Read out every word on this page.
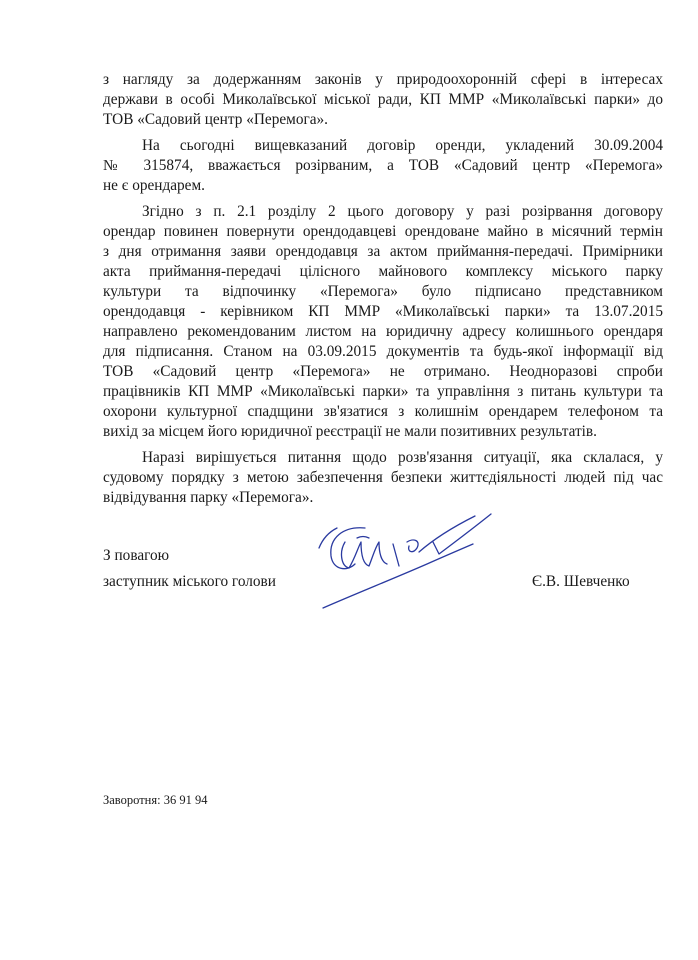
з нагляду за додержанням законів у природоохоронній сфері в інтересах
держави в особі Миколаївської міської ради, КП ММР «Миколаївські парки» до
ТОВ «Садовий центр «Перемога».
На сьогодні вищевказаний договір оренди, укладений 30.09.2004
№ 315874, вважається розірваним, а ТОВ «Садовий центр «Перемога»
не є орендарем.
Згідно з п. 2.1 розділу 2 цього договору у разі розірвання договору
орендар повинен повернути орендодавцеві орендоване майно в місячний термін
з дня отримання заяви орендодавця за актом приймання-передачі. Примірники
акта приймання-передачі цілісного майнового комплексу міського парку
культури та відпочинку «Перемога» було підписано представником
орендодавця - керівником КП ММР «Миколаївські парки» та 13.07.2015
направлено рекомендованим листом на юридичну адресу колишнього орендаря
для підписання. Станом на 03.09.2015 документів та будь-якої інформації від
ТОВ «Садовий центр «Перемога» не отримано. Неодноразові спроби
працівників КП ММР «Миколаївські парки» та управління з питань культури та
охорони культурної спадщини зв'язатися з колишнім орендарем телефоном та
вихід за місцем його юридичної реєстрації не мали позитивних результатів.
Наразі вирішується питання щодо розв'язання ситуації, яка склалася, у
судовому порядку з метою забезпечення безпеки життєдіяльності людей під час
відвідування парку «Перемога».
З повагою
заступник міського голови	Є.В. Шевченко
Заворотня: 36 91 94
